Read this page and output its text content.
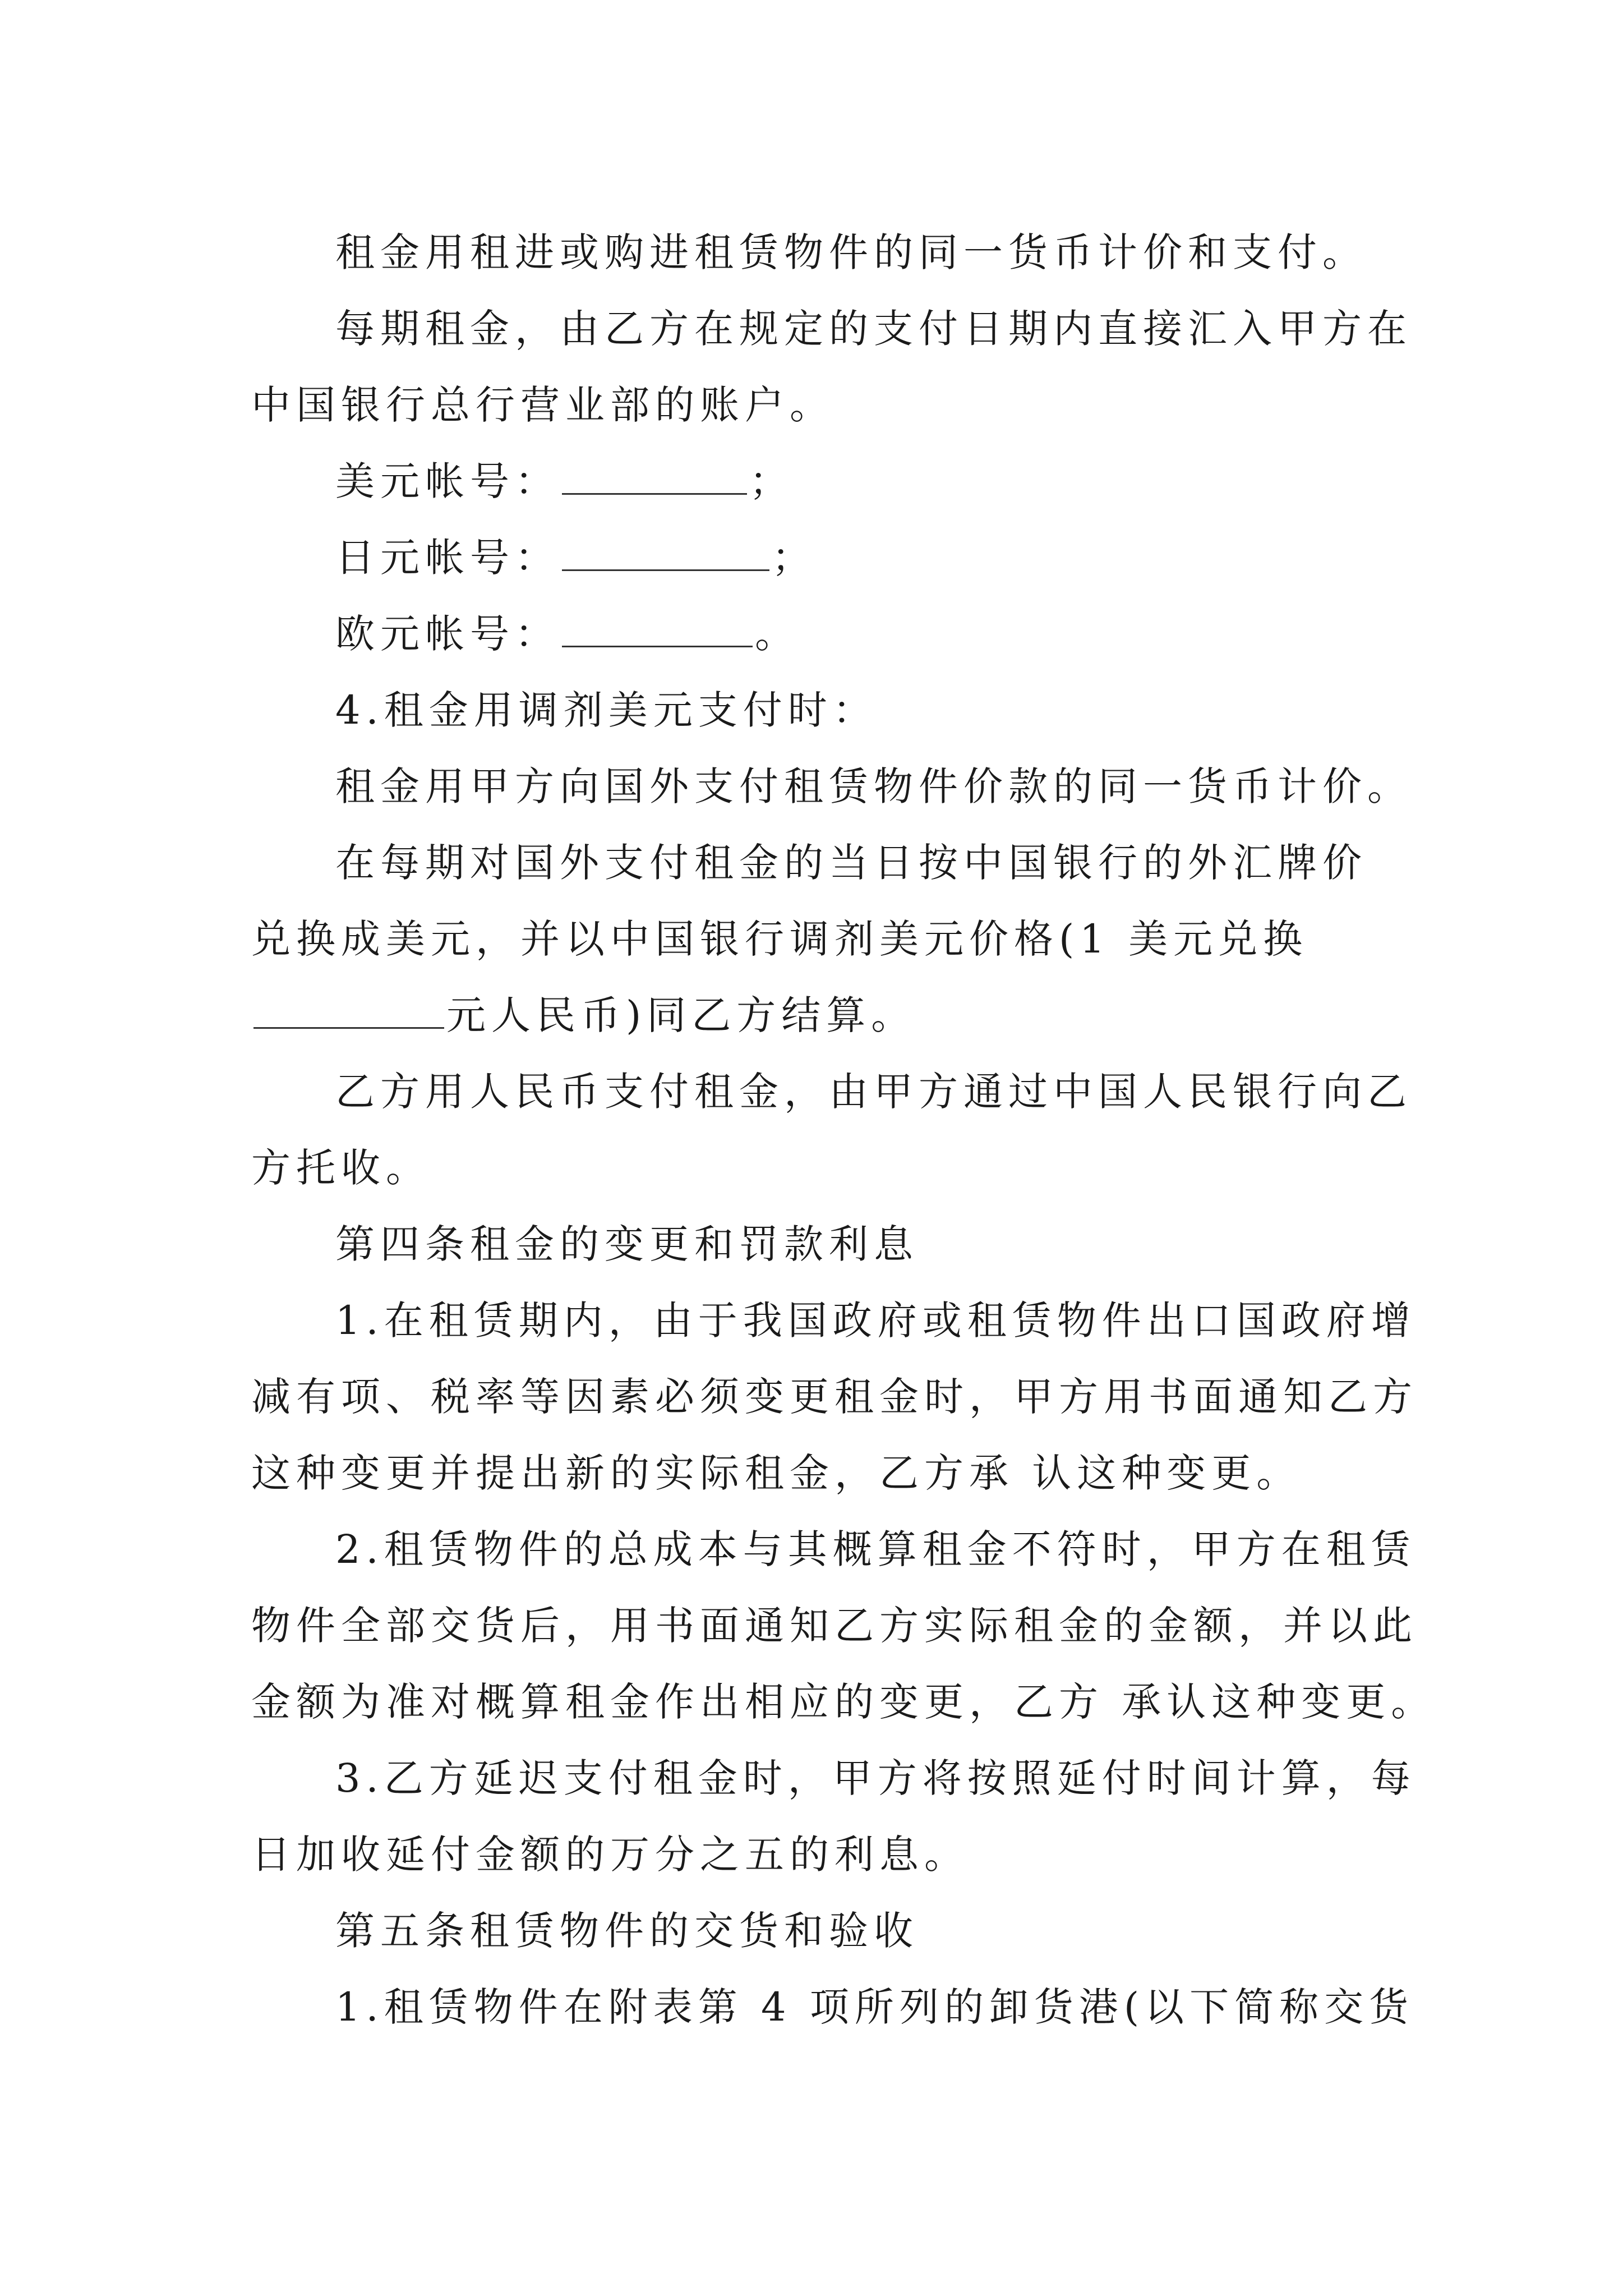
租金用租进或购进租赁物件的同一货币计价和支付。

每期租金，由乙方在规定的支付日期内直接汇入甲方在

中国银行总行营业部的账户。

美元帐号：	；

日元帐号：	；

欧元帐号：	。

4.租金用调剂美元支付时：

租金用甲方向国外支付租赁物件价款的同一货币计价。

在每期对国外支付租金的当日按中国银行的外汇牌价

兑换成美元，并以中国银行调剂美元价格(1 美元兑换

元人民币)同乙方结算。

乙方用人民币支付租金，由甲方通过中国人民银行向乙

方托收。

第四条租金的变更和罚款利息

1.在租赁期内，由于我国政府或租赁物件出口国政府增

减有项、税率等因素必须变更租金时，甲方用书面通知乙方

这种变更并提出新的实际租金，乙方承 认这种变更。

2.租赁物件的总成本与其概算租金不符时，甲方在租赁

物件全部交货后，用书面通知乙方实际租金的金额，并以此

金额为准对概算租金作出相应的变更，乙方 承认这种变更。

3.乙方延迟支付租金时，甲方将按照延付时间计算，每

日加收延付金额的万分之五的利息。

第五条租赁物件的交货和验收

1.租赁物件在附表第 4 项所列的卸货港(以下简称交货
